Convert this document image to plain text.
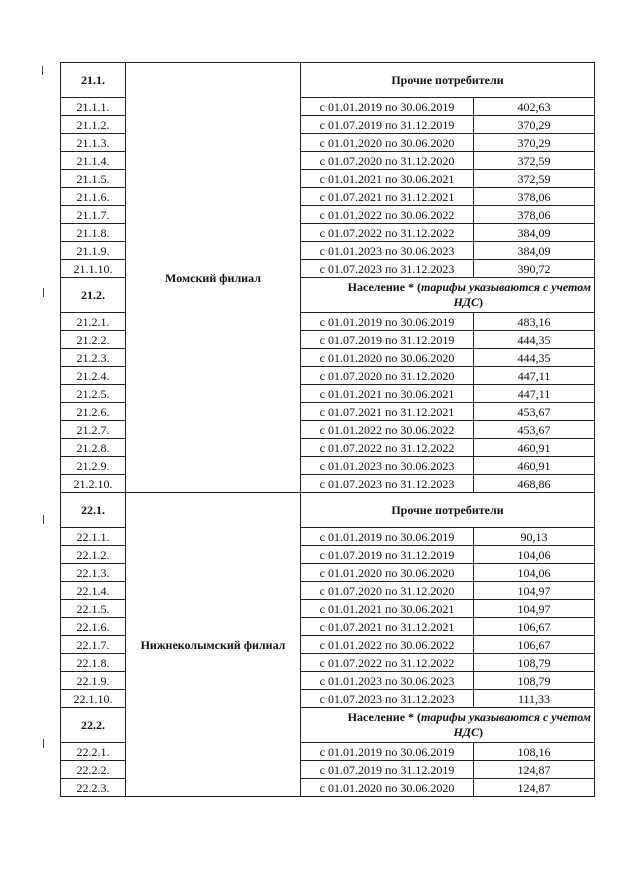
21.1.	Момский филиал	Прочие потребители	
21.1.1.		с 01.01.2019 по 30.06.2019	402,63
21.1.2.		с 01.07.2019 по 31.12.2019	370,29
21.1.3.		с 01.01.2020 по 30.06.2020	370,29
21.1.4.		с 01.07.2020 по 31.12.2020	372,59
21.1.5.		с 01.01.2021 по 30.06.2021	372,59
21.1.6.		с 01.07.2021 по 31.12.2021	378,06
21.1.7.		с 01.01.2022 по 30.06.2022	378,06
21.1.8.		с 01.07.2022 по 31.12.2022	384,09
21.1.9.		с 01.01.2023 по 30.06.2023	384,09
21.1.10.		с 01.07.2023 по 31.12.2023	390,72
21.2.		Население * (тарифы указываются с учетом
НДС)	

21.2.1.		с 01.01.2019 по 30.06.2019	483,16
21.2.2.		с 01.07.2019 по 31.12.2019	444,35
21.2.3.		с 01.01.2020 по 30.06.2020	444,35
21.2.4.		с 01.07.2020 по 31.12.2020	447,11
21.2.5.		с 01.01.2021 по 30.06.2021	447,11
21.2.6.		с 01.07.2021 по 31.12.2021	453,67
21.2.7.		с 01.01.2022 по 30.06.2022	453,67
21.2.8.		с 01.07.2022 по 31.12.2022	460,91
21.2.9.		с 01.01.2023 по 30.06.2023	460,91
21.2.10.		с 01.07.2023 по 31.12.2023	468,86
22.1.	Нижнеколымский филиал	Прочие потребители	
22.1.1.		с 01.01.2019 по 30.06.2019	90,13
22.1.2.		с 01.07.2019 по 31.12.2019	104,06
22.1.3.		с 01.01.2020 по 30.06.2020	104,06
22.1.4.		с 01.07.2020 по 31.12.2020	104,97
22.1.5.		с 01.01.2021 по 30.06.2021	104,97
22.1.6.		с 01.07.2021 по 31.12.2021	106,67
22.1.7.		с 01.01.2022 по 30.06.2022	106,67
22.1.8.		с 01.07.2022 по 31.12.2022	108,79
22.1.9.		с 01.01.2023 по 30.06.2023	108,79
22.1.10.		с 01.07.2023 по 31.12.2023	111,33
22.2.		Население * (тарифы указываются с учетом
НДС)	

22.2.1.		с 01.01.2019 по 30.06.2019	108,16
22.2.2.		с 01.07.2019 по 31.12.2019	124,87
22.2.3.		с 01.01.2020 по 30.06.2020	124,87
